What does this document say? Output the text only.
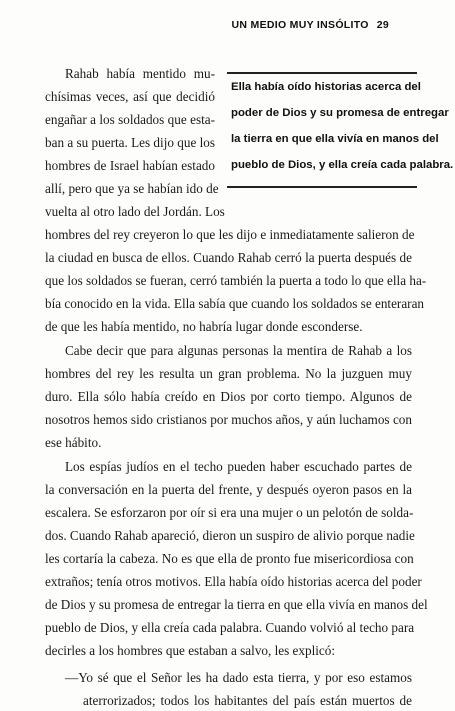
UN MEDIO MUY INSÓLITO 29
Ella había oído historias acerca del
poder de Dios y su promesa de entregar
la tierra en que ella vivía en manos del
pueblo de Dios, y ella creía cada palabra.
Rahab había mentido mu-
chísimas veces, así que decidió
engañar a los soldados que esta-
ban a su puerta. Les dijo que los
hombres de Israel habían estado
allí, pero que ya se habían ido de
vuelta al otro lado del Jordán. Los
hombres del rey creyeron lo que les dijo e inmediatamente salieron de
la ciudad en busca de ellos. Cuando Rahab cerró la puerta después de
que los soldados se fueran, cerró también la puerta a todo lo que ella ha-
bía conocido en la vida. Ella sabía que cuando los soldados se enteraran
de que les había mentido, no habría lugar donde esconderse.
Cabe decir que para algunas personas la mentira de Rahab a los
hombres del rey les resulta un gran problema. No la juzguen muy
duro. Ella sólo había creído en Dios por corto tiempo. Algunos de
nosotros hemos sido cristianos por muchos años, y aún luchamos con
ese hábito.
Los espías judíos en el techo pueden haber escuchado partes de
la conversación en la puerta del frente, y después oyeron pasos en la
escalera. Se esforzaron por oír si era una mujer o un pelotón de solda-
dos. Cuando Rahab apareció, dieron un suspiro de alivio porque nadie
les cortaría la cabeza. No es que ella de pronto fue misericordiosa con
extraños; tenía otros motivos. Ella había oído historias acerca del poder
de Dios y su promesa de entregar la tierra en que ella vivía en manos del
pueblo de Dios, y ella creía cada palabra. Cuando volvió al techo para
decirles a los hombres que estaban a salvo, les explicó:
—Yo sé que el Señor les ha dado esta tierra, y por eso estamos
aterrorizados; todos los habitantes del país están muertos de
